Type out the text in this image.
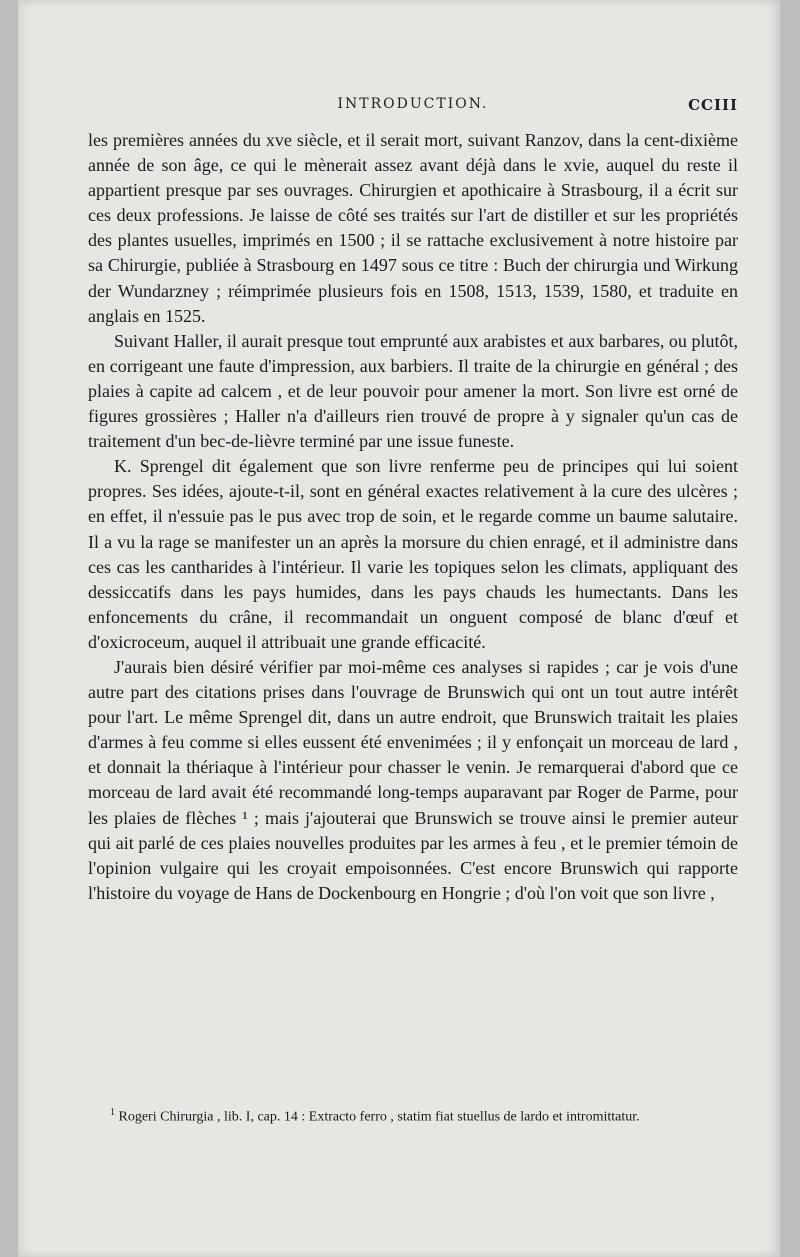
INTRODUCTION.	CCIII

les premières années du xve siècle, et il serait mort, suivant Ranzov, dans la cent-dixième année de son âge, ce qui le mènerait assez avant déjà dans le xvie, auquel du reste il appartient presque par ses ouvrages. Chirurgien et apothicaire à Strasbourg, il a écrit sur ces deux professions. Je laisse de côté ses traités sur l'art de distiller et sur les propriétés des plantes usuelles, imprimés en 1500 ; il se rattache exclusivement à notre histoire par sa Chirurgie, publiée à Strasbourg en 1497 sous ce titre : Buch der chirurgia und Wirkung der Wundarzney ; réimprimée plusieurs fois en 1508, 1513, 1539, 1580, et traduite en anglais en 1525.

Suivant Haller, il aurait presque tout emprunté aux arabistes et aux barbares, ou plutôt, en corrigeant une faute d'impression, aux barbiers. Il traite de la chirurgie en général ; des plaies à capite ad calcem , et de leur pouvoir pour amener la mort. Son livre est orné de figures grossières ; Haller n'a d'ailleurs rien trouvé de propre à y signaler qu'un cas de traitement d'un bec-de-lièvre terminé par une issue funeste.

K. Sprengel dit également que son livre renferme peu de principes qui lui soient propres. Ses idées, ajoute-t-il, sont en général exactes relativement à la cure des ulcères ; en effet, il n'essuie pas le pus avec trop de soin, et le regarde comme un baume salutaire. Il a vu la rage se manifester un an après la morsure du chien enragé, et il administre dans ces cas les cantharides à l'intérieur. Il varie les topiques selon les climats, appliquant des dessiccatifs dans les pays humides, dans les pays chauds les humectants. Dans les enfoncements du crâne, il recommandait un onguent composé de blanc d'œuf et d'oxicroceum, auquel il attribuait une grande efficacité.

J'aurais bien désiré vérifier par moi-même ces analyses si rapides ; car je vois d'une autre part des citations prises dans l'ouvrage de Brunswich qui ont un tout autre intérêt pour l'art. Le même Sprengel dit, dans un autre endroit, que Brunswich traitait les plaies d'armes à feu comme si elles eussent été envenimées ; il y enfonçait un morceau de lard , et donnait la thériaque à l'intérieur pour chasser le venin. Je remarquerai d'abord que ce morceau de lard avait été recommandé long-temps auparavant par Roger de Parme, pour les plaies de flèches ¹ ; mais j'ajouterai que Brunswich se trouve ainsi le premier auteur qui ait parlé de ces plaies nouvelles produites par les armes à feu , et le premier témoin de l'opinion vulgaire qui les croyait empoisonnées. C'est encore Brunswich qui rapporte l'histoire du voyage de Hans de Dockenbourg en Hongrie ; d'où l'on voit que son livre ,

$^1$ Rogeri Chirurgia , lib. I, cap. 14 : Extracto ferro , statim fiat stuellus de lardo et intromittatur.
